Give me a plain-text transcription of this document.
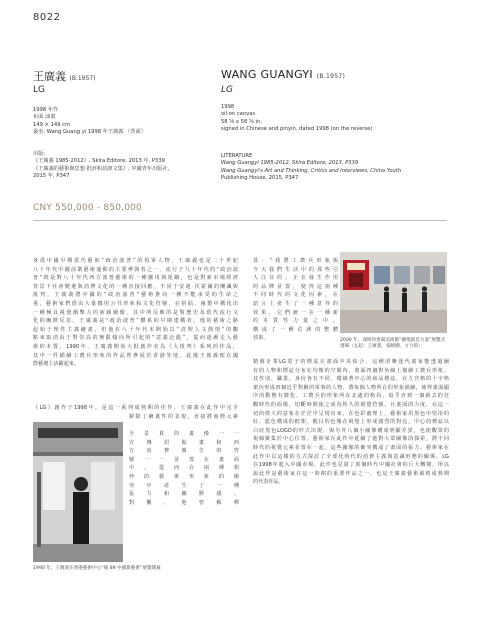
8022
王廣義 (B.1957)	WANG GUANGYI (B.1957)
LG	LG
1998 年作
布面 油畫
149 × 149 cm
簽名: Wang Guang yi 1998 年王廣義 （背面）
1998
oil on canvas
58 ⅝ x 58 ⅝ in.
signed in Chinese and pinyin, dated 1998 (on the reverse)
出版:
《王廣義 1985-2012》, Skira Editore, 2013 年, P339
《王廣義的藝術與思想 批評和訪談文集》, 中國青年出版社,
2015 年, P347
LITERATURE
Wang Guangyi 1985-2012, Skira Editore, 2013, P339
Wang Guangyi's Art and Thinking, Critics and Interviews, China Youth
Publishing House, 2015, P347
CNY 550,000 - 850,000
身爲中國早期當代藝術“政治波普”的領軍人物，王廣義也是二十世紀
八十年代中國前衛藝術運動的主要參與者之一。流行于九十年代的“政治波
普”既是對八十年代西方波普藝術的一種挪用與延續，也是對新市場經濟
背景下社會變遷與消費文化的一種直接回應。不同于安迪·沃霍爾的嘲諷與
批判，王廣義將中國的“政治波普”藝術推向一種不能承受的生命之
重，藝術家們借由大量挪用公共形象和文化符號，在拼貼、複製中構化出
一種極具視覺衝擊力的新穎圖像，其中所反映的是對歷史及當代流行文
化的幽默反思。王廣義是“政治波普”體系的早期建構者，他的藝術之路
起始于理性主義繪畫，但他在八十年代末開始以“清理人文熱情”的觀
點來取消由于對崇高的無限傾向所引起的“意義泛濫”，從而逐漸走入藝
術的本質。1990年，王廣義開始大批創作名為《大批判》系列的作品，
其中一件描繪工農兵形象的作品曾參展於香港等地，此後王廣義便在國
際藝壇上活躍起來。
《LG》創作于1998年，是這一系列成熟期的佳作。王廣義在此作中完全
摒除了繪畫性的表現，直接將商標元素
全景貫的畫像一一
宣傳招貼畫和西
方消費廣告的符
號一一並置在畫面
中。從而在兩種相
悖的藝術形象的衝
突中產生了一種
張力和幽默感。
對觀、他曾解釋
爲：“我將工農兵形象與
今天我們生活中的那些引
人注目的、正在發生作用
的品牌並置，使得這兩種
不同時代的文化因素，在
語言上產生了一種意外的
效果，它們統一在一種新
的本質性力量之中。
構成了一種荒謬的整體
效果。
精圓企業LG電子的標誌在畫面中央結合，這種清晰迷代畫家能透過圖
有的人物和標誌分布在均衡的空間內，畫面四個對角線上描繪工農兵形象。
其性別、職業、身份各有不同，環繞著中心的商品標誌，在九宮格的十字格
架內形成四個近乎對稱的軍事的人物，將每個人物所在的形象描繪，使得畫面顯
序的動態有變化，工農兵的形象所在北處的格局，似乎直到一個啟去的狂
觀時代的面像，切斷時間使之成為恆久的視覺符號。且畫面的力度，在這一
切的偉大的意象在茫茫中呈現出來，在色彩處理上，藝術家用黑色中堅用的
紅、藍色構成的框架，醒目的色塊在視覺上形成強烈的對比，中心的標誌以
白底黑色LOGO的形式出現，與另外八個小圖像構成明顯差異，也使觀眾的
視線聚集於中心位置。藝術家在此作中延續了他對大眾圖像的探索，將不同
時代的視覺元素並置在一起，這些圖像的衝突構成了畫面的張力。藝術家在
此作中以這樣的方式探討了全球化時代的消費主義與意識形態的關係。LG
在1998年進入中國市場，此作也見證了那個時代中國社會的巨大轉變，所以
說此作是藝術家在這一時期的重要作品之一，也是王廣義藝術風格成熟期
的代表作品。
2000 年，深圳何香凝美術館“圖像就是力量”展覽式現場（左起：王廣義、張曉剛、方力鈞）
1990 年，王廣義在香港藝術中心“後 89 中國新藝術”展覽開幕
